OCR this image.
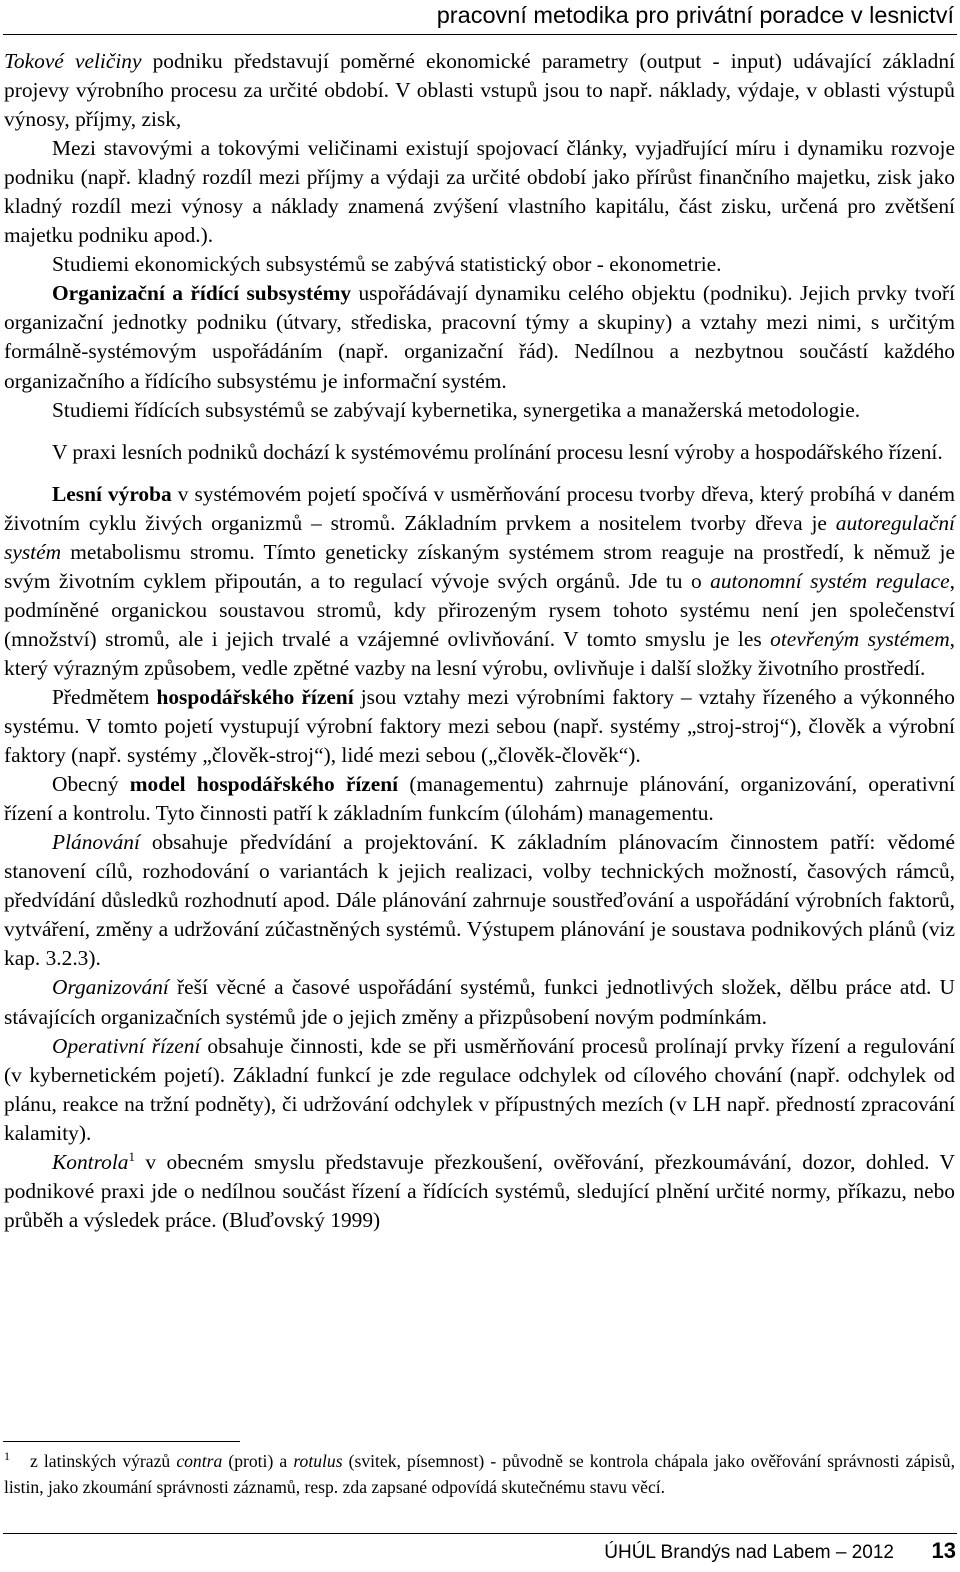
pracovní metodika pro privátní poradce v lesnictví

Tokové veličiny podniku představují poměrné ekonomické parametry (output - input) udávající základní projevy výrobního procesu za určité období. V oblasti vstupů jsou to např. náklady, výdaje, v oblasti výstupů výnosy, příjmy, zisk,

Mezi stavovými a tokovými veličinami existují spojovací články, vyjadřující míru i dynamiku rozvoje podniku (např. kladný rozdíl mezi příjmy a výdaji za určité období jako přírůst finančního majetku, zisk jako kladný rozdíl mezi výnosy a náklady znamená zvýšení vlastního kapitálu, část zisku, určená pro zvětšení majetku podniku apod.).

Studiemi ekonomických subsystémů se zabývá statistický obor - ekonometrie.

Organizační a řídící subsystémy uspořádávají dynamiku celého objektu (podniku). Jejich prvky tvoří organizační jednotky podniku (útvary, střediska, pracovní týmy a skupiny) a vztahy mezi nimi, s určitým formálně-systémovým uspořádáním (např. organizační řád). Nedílnou a nezbytnou součástí každého organizačního a řídícího subsystému je informační systém.

Studiemi řídících subsystémů se zabývají kybernetika, synergetika a manažerská metodologie.

V praxi lesních podniků dochází k systémovému prolínání procesu lesní výroby a hospodářského řízení.

Lesní výroba v systémovém pojetí spočívá v usměrňování procesu tvorby dřeva, který probíhá v daném životním cyklu živých organizmů – stromů. Základním prvkem a nositelem tvorby dřeva je autoregulační systém metabolismu stromu. Tímto geneticky získaným systémem strom reaguje na prostředí, k němuž je svým životním cyklem připoután, a to regulací vývoje svých orgánů. Jde tu o autonomní systém regulace, podmíněné organickou soustavou stromů, kdy přirozeným rysem tohoto systému není jen společenství (množství) stromů, ale i jejich trvalé a vzájemné ovlivňování. V tomto smyslu je les otevřeným systémem, který výrazným způsobem, vedle zpětné vazby na lesní výrobu, ovlivňuje i další složky životního prostředí.

Předmětem hospodářského řízení jsou vztahy mezi výrobními faktory – vztahy řízeného a výkonného systému. V tomto pojetí vystupují výrobní faktory mezi sebou (např. systémy „stroj-stroj“), člověk a výrobní faktory (např. systémy „člověk-stroj“), lidé mezi sebou („člověk-člověk“).

Obecný model hospodářského řízení (managementu) zahrnuje plánování, organizování, operativní řízení a kontrolu. Tyto činnosti patří k základním funkcím (úlohám) managementu.

Plánování obsahuje předvídání a projektování. K základním plánovacím činnostem patří: vědomé stanovení cílů, rozhodování o variantách k jejich realizaci, volby technických možností, časových rámců, předvídání důsledků rozhodnutí apod. Dále plánování zahrnuje soustřeďování a uspořádání výrobních faktorů, vytváření, změny a udržování zúčastněných systémů. Výstupem plánování je soustava podnikových plánů (viz kap. 3.2.3).

Organizování řeší věcné a časové uspořádání systémů, funkci jednotlivých složek, dělbu práce atd. U stávajících organizačních systémů jde o jejich změny a přizpůsobení novým podmínkám.

Operativní řízení obsahuje činnosti, kde se při usměrňování procesů prolínají prvky řízení a regulování (v kybernetickém pojetí). Základní funkcí je zde regulace odchylek od cílového chování (např. odchylek od plánu, reakce na tržní podněty), či udržování odchylek v přípustných mezích (v LH např. předností zpracování kalamity).

Kontrola$^1$ v obecném smyslu představuje přezkoušení, ověřování, přezkoumávání, dozor, dohled. V podnikové praxi jde o nedílnou součást řízení a řídících systémů, sledující plnění určité normy, příkazu, nebo průběh a výsledek práce. (Bluďovský 1999)

$^1$ z latinských výrazů contra (proti) a rotulus (svitek, písemnost) - původně se kontrola chápala jako ověřování správnosti zápisů, listin, jako zkoumání správnosti záznamů, resp. zda zapsané odpovídá skutečnému stavu věcí.
ÚHÚL Brandýs nad Labem – 2012 13
